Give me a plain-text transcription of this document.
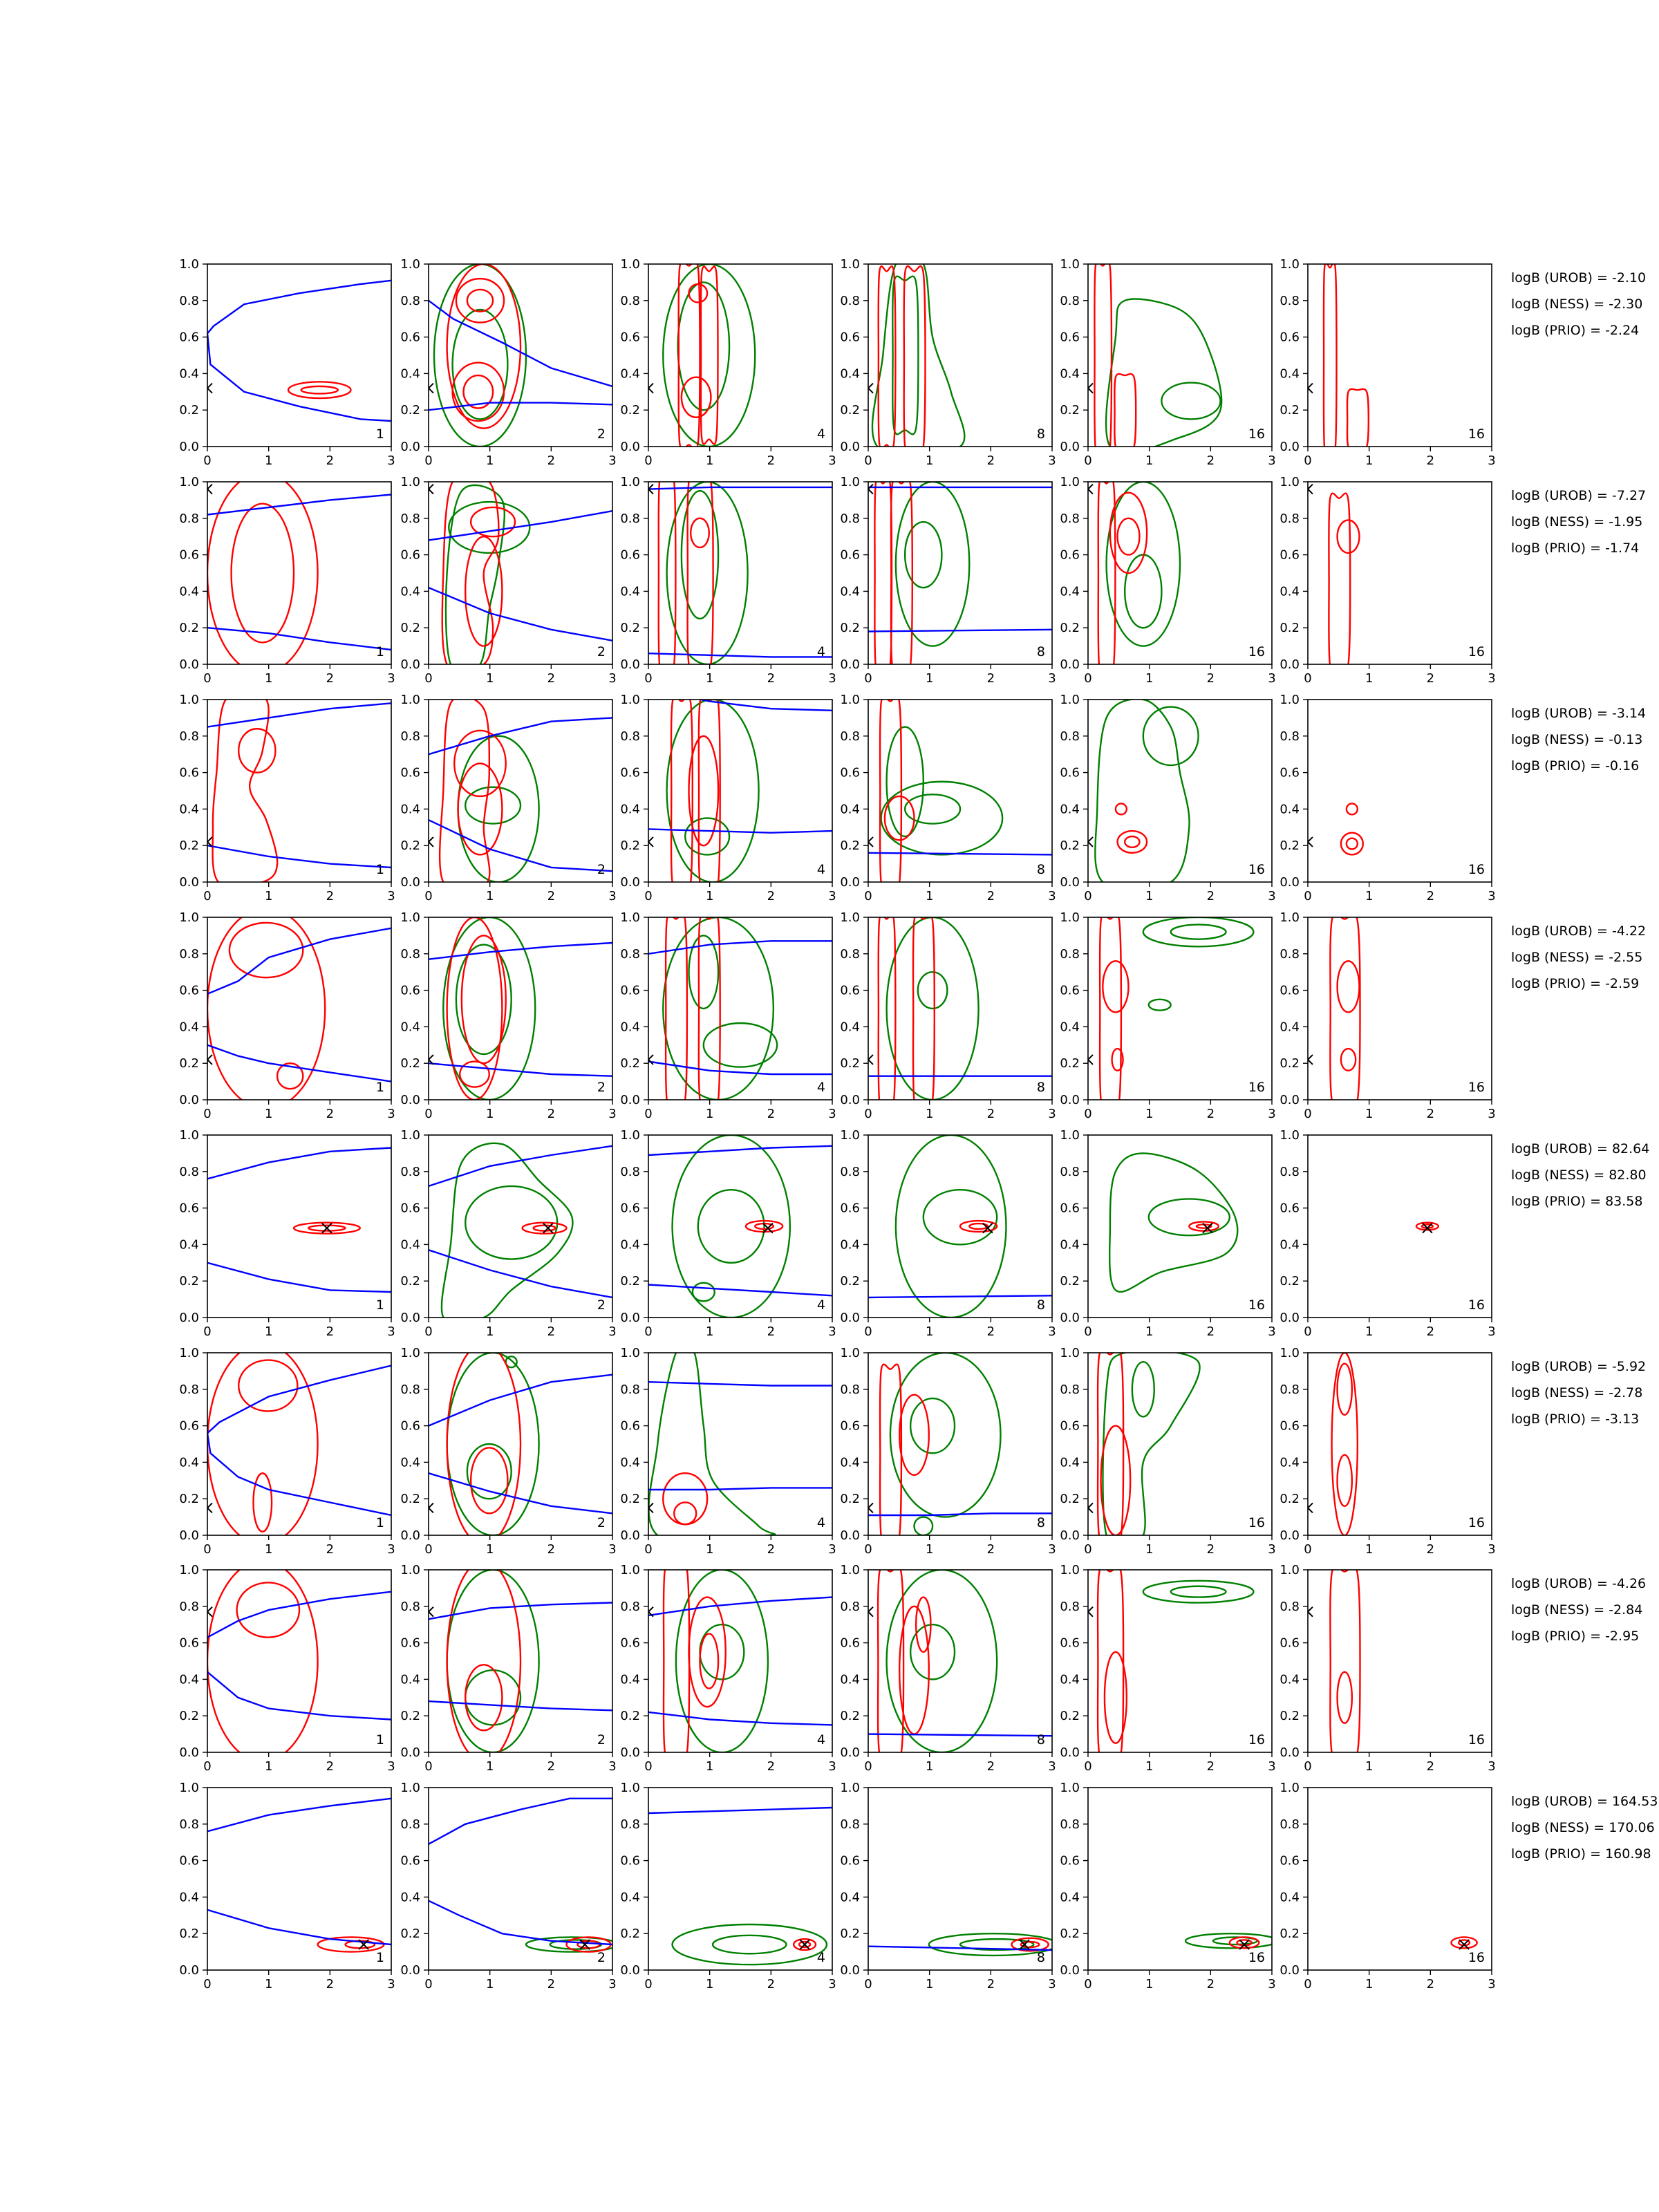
0	1	2	3
0.0
0.2
0.4
0.6
0.8
1.0
1
0	1	2	3
0.0
0.2
0.4
0.6
0.8
1.0
2
0	1	2	3
0.0
0.2
0.4
0.6
0.8
1.0
4
0	1	2	3
0.0
0.2
0.4
0.6
0.8
1.0
8
0	1	2	3
0.0
0.2
0.4
0.6
0.8
1.0
16
0	1	2	3
0.0
0.2
0.4
0.6
0.8
1.0
16
logB (UROB) = -2.10
logB (NESS) = -2.30
logB (PRIO) = -2.24
0	1	2	3
0.0
0.2
0.4
0.6
0.8
1.0
1
0	1	2	3
0.0
0.2
0.4
0.6
0.8
1.0
2
0	1	2	3
0.0
0.2
0.4
0.6
0.8
1.0
4
0	1	2	3
0.0
0.2
0.4
0.6
0.8
1.0
8
0	1	2	3
0.0
0.2
0.4
0.6
0.8
1.0
16
0	1	2	3
0.0
0.2
0.4
0.6
0.8
1.0
16
logB (UROB) = -7.27
logB (NESS) = -1.95
logB (PRIO) = -1.74
0	1	2	3
0.0
0.2
0.4
0.6
0.8
1.0
1
0	1	2	3
0.0
0.2
0.4
0.6
0.8
1.0
2
0	1	2	3
0.0
0.2
0.4
0.6
0.8
1.0
4
0	1	2	3
0.0
0.2
0.4
0.6
0.8
1.0
8
0	1	2	3
0.0
0.2
0.4
0.6
0.8
1.0
16
0	1	2	3
0.0
0.2
0.4
0.6
0.8
1.0
16
logB (UROB) = -3.14
logB (NESS) = -0.13
logB (PRIO) = -0.16
0	1	2	3
0.0
0.2
0.4
0.6
0.8
1.0
1
0	1	2	3
0.0
0.2
0.4
0.6
0.8
1.0
2
0	1	2	3
0.0
0.2
0.4
0.6
0.8
1.0
4
0	1	2	3
0.0
0.2
0.4
0.6
0.8
1.0
8
0	1	2	3
0.0
0.2
0.4
0.6
0.8
1.0
16
0	1	2	3
0.0
0.2
0.4
0.6
0.8
1.0
16
logB (UROB) = -4.22
logB (NESS) = -2.55
logB (PRIO) = -2.59
0	1	2	3
0.0
0.2
0.4
0.6
0.8
1.0
1
0	1	2	3
0.0
0.2
0.4
0.6
0.8
1.0
2
0	1	2	3
0.0
0.2
0.4
0.6
0.8
1.0
4
0	1	2	3
0.0
0.2
0.4
0.6
0.8
1.0
8
0	1	2	3
0.0
0.2
0.4
0.6
0.8
1.0
16
0	1	2	3
0.0
0.2
0.4
0.6
0.8
1.0
16
logB (UROB) = 82.64
logB (NESS) = 82.80
logB (PRIO) = 83.58
0	1	2	3
0.0
0.2
0.4
0.6
0.8
1.0
1
0	1	2	3
0.0
0.2
0.4
0.6
0.8
1.0
2
0	1	2	3
0.0
0.2
0.4
0.6
0.8
1.0
4
0	1	2	3
0.0
0.2
0.4
0.6
0.8
1.0
8
0	1	2	3
0.0
0.2
0.4
0.6
0.8
1.0
16
0	1	2	3
0.0
0.2
0.4
0.6
0.8
1.0
16
logB (UROB) = -5.92
logB (NESS) = -2.78
logB (PRIO) = -3.13
0	1	2	3
0.0
0.2
0.4
0.6
0.8
1.0
1
0	1	2	3
0.0
0.2
0.4
0.6
0.8
1.0
2
0	1	2	3
0.0
0.2
0.4
0.6
0.8
1.0
4
0	1	2	3
0.0
0.2
0.4
0.6
0.8
1.0
8
0	1	2	3
0.0
0.2
0.4
0.6
0.8
1.0
16
0	1	2	3
0.0
0.2
0.4
0.6
0.8
1.0
16
logB (UROB) = -4.26
logB (NESS) = -2.84
logB (PRIO) = -2.95
0	1	2	3
0.0
0.2
0.4
0.6
0.8
1.0
1
0	1	2	3
0.0
0.2
0.4
0.6
0.8
1.0
2
0	1	2	3
0.0
0.2
0.4
0.6
0.8
1.0
4
0	1	2	3
0.0
0.2
0.4
0.6
0.8
1.0
8
0	1	2	3
0.0
0.2
0.4
0.6
0.8
1.0
16
0	1	2	3
0.0
0.2
0.4
0.6
0.8
1.0
16
logB (UROB) = 164.53
logB (NESS) = 170.06
logB (PRIO) = 160.98
